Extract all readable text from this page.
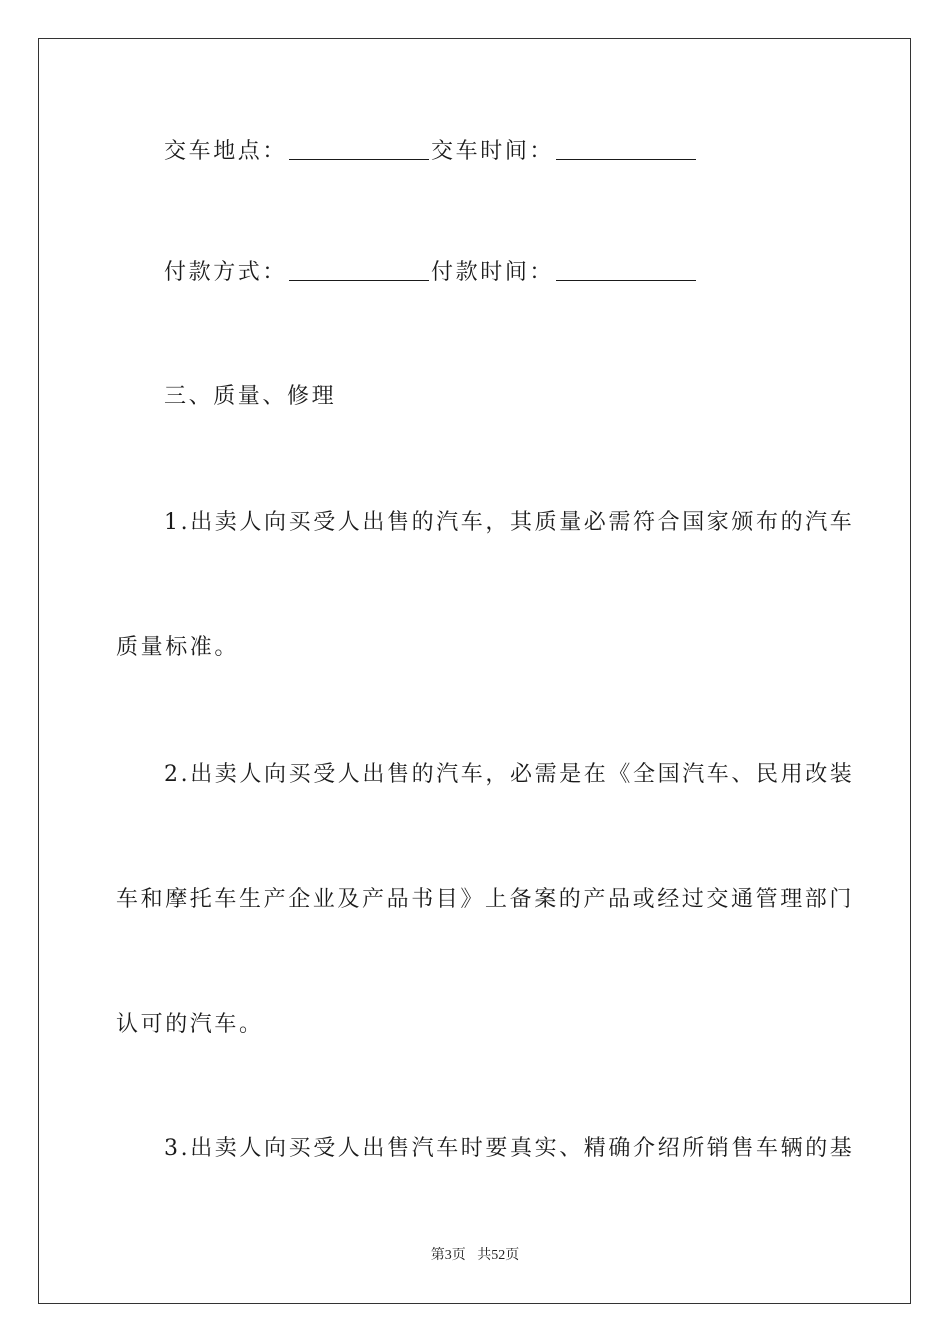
交车地点：	交车时间：
付款方式：	付款时间：
三、质量、修理
1.出卖人向买受人出售的汽车，其质量必需符合国家颁布的汽车
质量标准。
2.出卖人向买受人出售的汽车，必需是在《全国汽车、民用改装
车和摩托车生产企业及产品书目》上备案的产品或经过交通管理部门
认可的汽车。
3.出卖人向买受人出售汽车时要真实、精确介绍所销售车辆的基
第3页 共52页
